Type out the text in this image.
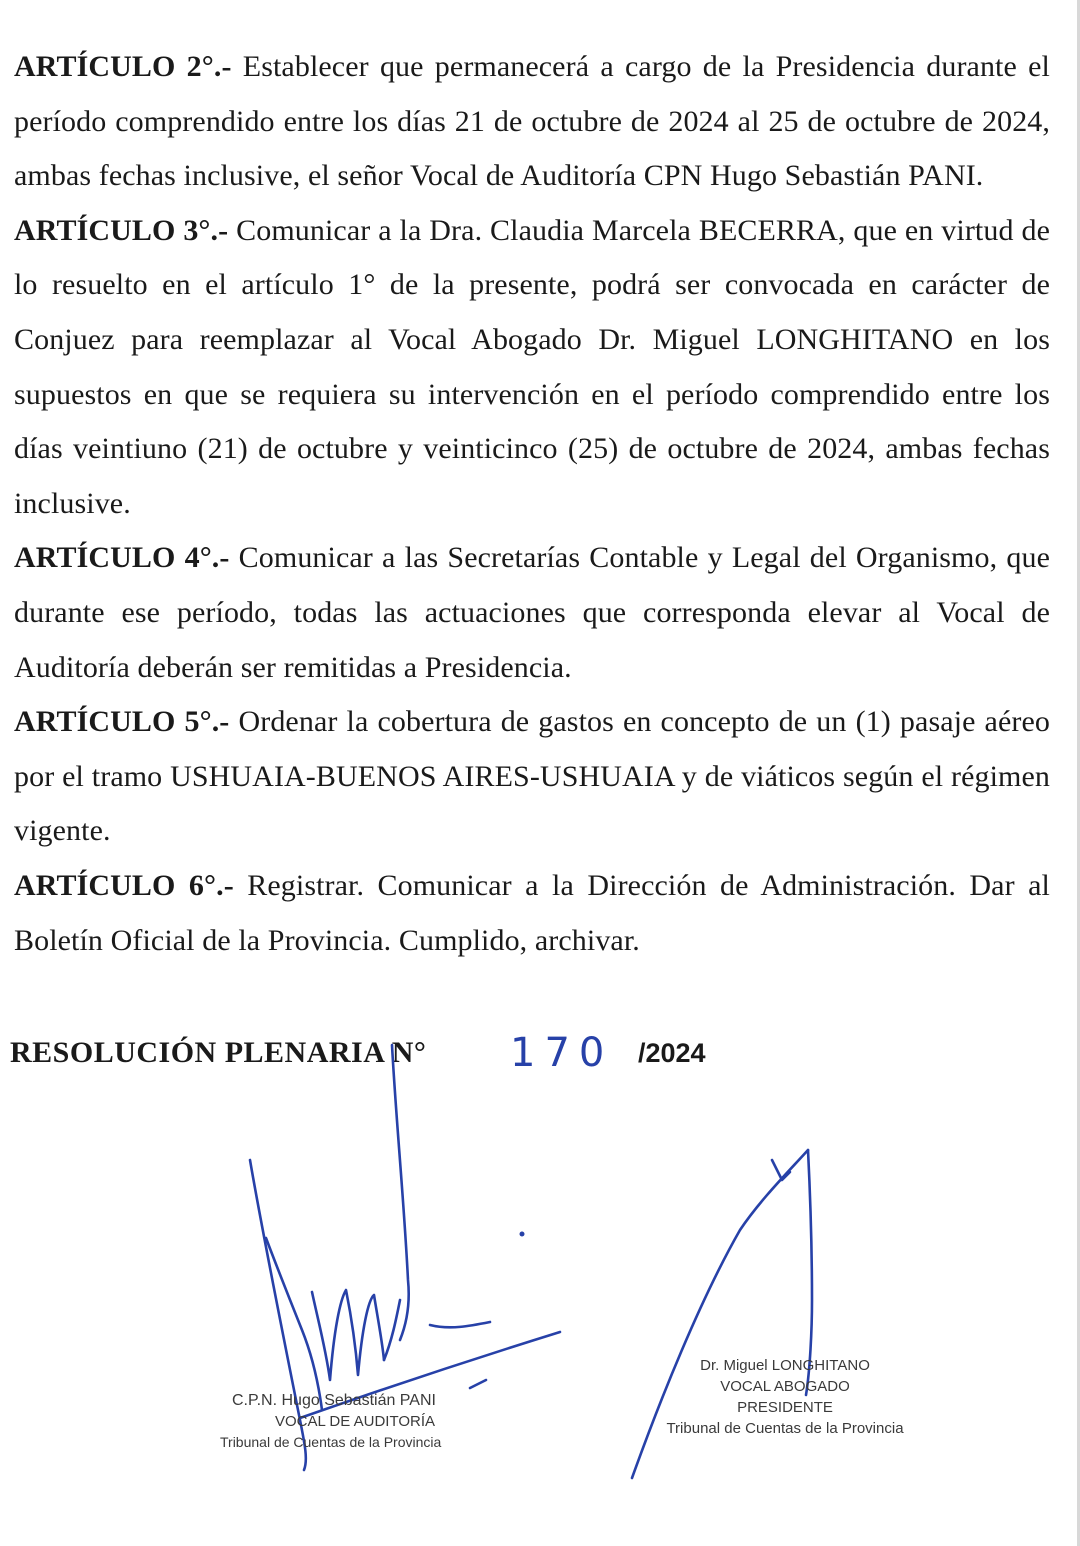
ARTÍCULO 2°.- Establecer que permanecerá a cargo de la Presidencia durante el período comprendido entre los días 21 de octubre de 2024 al 25 de octubre de 2024, ambas fechas inclusive, el señor Vocal de Auditoría CPN Hugo Sebastián PANI.

ARTÍCULO 3°.- Comunicar a la Dra. Claudia Marcela BECERRA, que en virtud de lo resuelto en el artículo 1° de la presente, podrá ser convocada en carácter de Conjuez para reemplazar al Vocal Abogado Dr. Miguel LONGHITANO en los supuestos en que se requiera su intervención en el período comprendido entre los días veintiuno (21) de octubre y veinticinco (25) de octubre de 2024, ambas fechas inclusive.

ARTÍCULO 4°.- Comunicar a las Secretarías Contable y Legal del Organismo, que durante ese período, todas las actuaciones que corresponda elevar al Vocal de Auditoría deberán ser remitidas a Presidencia.

ARTÍCULO 5°.- Ordenar la cobertura de gastos en concepto de un (1) pasaje aéreo por el tramo USHUAIA-BUENOS AIRES-USHUAIA y de viáticos según el régimen vigente.

ARTÍCULO 6°.- Registrar. Comunicar a la Dirección de Administración. Dar al Boletín Oficial de la Provincia. Cumplido, archivar.

RESOLUCIÓN PLENARIA N° 170 /2024
C.P.N. Hugo Sebastián PANI
VOCAL DE AUDITORÍA
Tribunal de Cuentas de la Provincia
Dr. Miguel LONGHITANO
VOCAL ABOGADO
PRESIDENTE
Tribunal de Cuentas de la Provincia
